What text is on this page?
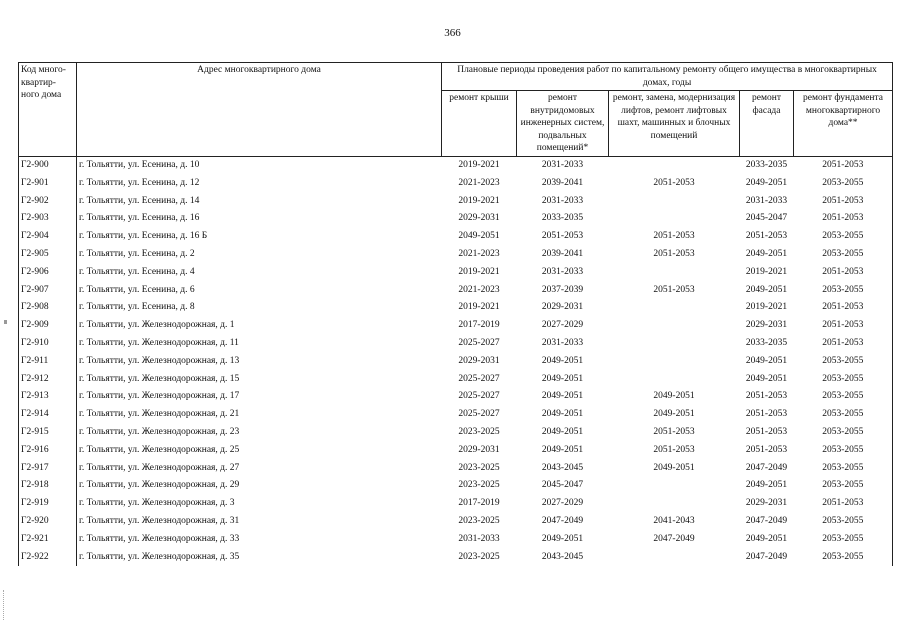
366
Код много-квартир-ного дома	Адрес многоквартирного дома	Плановые периоды проведения работ по капитальному ремонту общего имущества в многоквартирных домах, годы				
		ремонт крыши	ремонт внутридомовых инженерных систем, подвальных помещений*	ремонт, замена, модернизация лифтов, ремонт лифтовых шахт, машинных и блочных помещений	ремонт фасада	ремонт фундамента многоквартирного дома**
Г2-900	г. Тольятти, ул. Есенина, д. 10	2019-2021	2031-2033		2033-2035	2051-2053
Г2-901	г. Тольятти, ул. Есенина, д. 12	2021-2023	2039-2041	2051-2053	2049-2051	2053-2055
Г2-902	г. Тольятти, ул. Есенина, д. 14	2019-2021	2031-2033		2031-2033	2051-2053
Г2-903	г. Тольятти, ул. Есенина, д. 16	2029-2031	2033-2035		2045-2047	2051-2053
Г2-904	г. Тольятти, ул. Есенина, д. 16 Б	2049-2051	2051-2053	2051-2053	2051-2053	2053-2055
Г2-905	г. Тольятти, ул. Есенина, д. 2	2021-2023	2039-2041	2051-2053	2049-2051	2053-2055
Г2-906	г. Тольятти, ул. Есенина, д. 4	2019-2021	2031-2033		2019-2021	2051-2053
Г2-907	г. Тольятти, ул. Есенина, д. 6	2021-2023	2037-2039	2051-2053	2049-2051	2053-2055
Г2-908	г. Тольятти, ул. Есенина, д. 8	2019-2021	2029-2031		2019-2021	2051-2053
Г2-909	г. Тольятти, ул. Железнодорожная, д. 1	2017-2019	2027-2029		2029-2031	2051-2053
Г2-910	г. Тольятти, ул. Железнодорожная, д. 11	2025-2027	2031-2033		2033-2035	2051-2053
Г2-911	г. Тольятти, ул. Железнодорожная, д. 13	2029-2031	2049-2051		2049-2051	2053-2055
Г2-912	г. Тольятти, ул. Железнодорожная, д. 15	2025-2027	2049-2051		2049-2051	2053-2055
Г2-913	г. Тольятти, ул. Железнодорожная, д. 17	2025-2027	2049-2051	2049-2051	2051-2053	2053-2055
Г2-914	г. Тольятти, ул. Железнодорожная, д. 21	2025-2027	2049-2051	2049-2051	2051-2053	2053-2055
Г2-915	г. Тольятти, ул. Железнодорожная, д. 23	2023-2025	2049-2051	2051-2053	2051-2053	2053-2055
Г2-916	г. Тольятти, ул. Железнодорожная, д. 25	2029-2031	2049-2051	2051-2053	2051-2053	2053-2055
Г2-917	г. Тольятти, ул. Железнодорожная, д. 27	2023-2025	2043-2045	2049-2051	2047-2049	2053-2055
Г2-918	г. Тольятти, ул. Железнодорожная, д. 29	2023-2025	2045-2047		2049-2051	2053-2055
Г2-919	г. Тольятти, ул. Железнодорожная, д. 3	2017-2019	2027-2029		2029-2031	2051-2053
Г2-920	г. Тольятти, ул. Железнодорожная, д. 31	2023-2025	2047-2049	2041-2043	2047-2049	2053-2055
Г2-921	г. Тольятти, ул. Железнодорожная, д. 33	2031-2033	2049-2051	2047-2049	2049-2051	2053-2055
Г2-922	г. Тольятти, ул. Железнодорожная, д. 35	2023-2025	2043-2045		2047-2049	2053-2055
